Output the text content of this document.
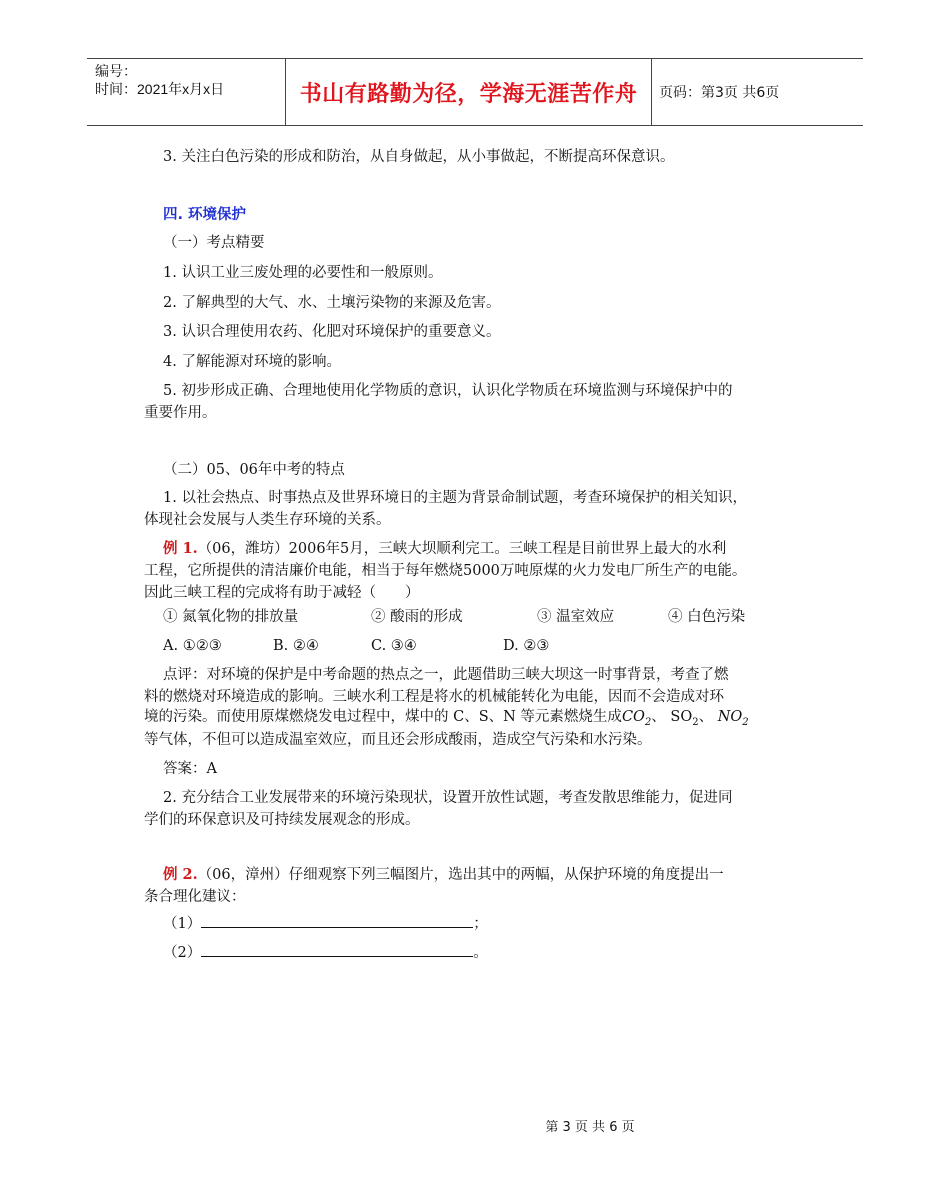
编号：
时间：2021年x月x日	书山有路勤为径，学海无涯苦作舟	页码：第3页 共6页
3. 关注白色污染的形成和防治，从自身做起，从小事做起，不断提高环保意识。
四. 环境保护
（一）考点精要
1. 认识工业三废处理的必要性和一般原则。
2. 了解典型的大气、水、土壤污染物的来源及危害。
3. 认识合理使用农药、化肥对环境保护的重要意义。
4. 了解能源对环境的影响。
5. 初步形成正确、合理地使用化学物质的意识，认识化学物质在环境监测与环境保护中的
重要作用。
（二）05、06年中考的特点
1. 以社会热点、时事热点及世界环境日的主题为背景命制试题，考查环境保护的相关知识，
体现社会发展与人类生存环境的关系。
例 1.（06，潍坊）2006年5月，三峡大坝顺利完工。三峡工程是目前世界上最大的水利
工程，它所提供的清洁廉价电能，相当于每年燃烧5000万吨原煤的火力发电厂所生产的电能。
因此三峡工程的完成将有助于减轻（　　）
① 氮氧化物的排放量	② 酸雨的形成	③ 温室效应	④ 白色污染
A. ①②③	B. ②④	C. ③④	D. ②③
点评：对环境的保护是中考命题的热点之一，此题借助三峡大坝这一时事背景，考查了燃
料的燃烧对环境造成的影响。三峡水利工程是将水的机械能转化为电能，因而不会造成对环
境的污染。而使用原煤燃烧发电过程中，煤中的 C、S、N 等元素燃烧生成$CO_2$、 $SO_2$、 $NO_2$
等气体，不但可以造成温室效应，而且还会形成酸雨，造成空气污染和水污染。
答案：A
2. 充分结合工业发展带来的环境污染现状，设置开放性试题，考查发散思维能力，促进同
学们的环保意识及可持续发展观念的形成。
例 2.（06，漳州）仔细观察下列三幅图片，选出其中的两幅，从保护环境的角度提出一
条合理化建议：
（1）	；
（2）	。
第 3 页 共 6 页
